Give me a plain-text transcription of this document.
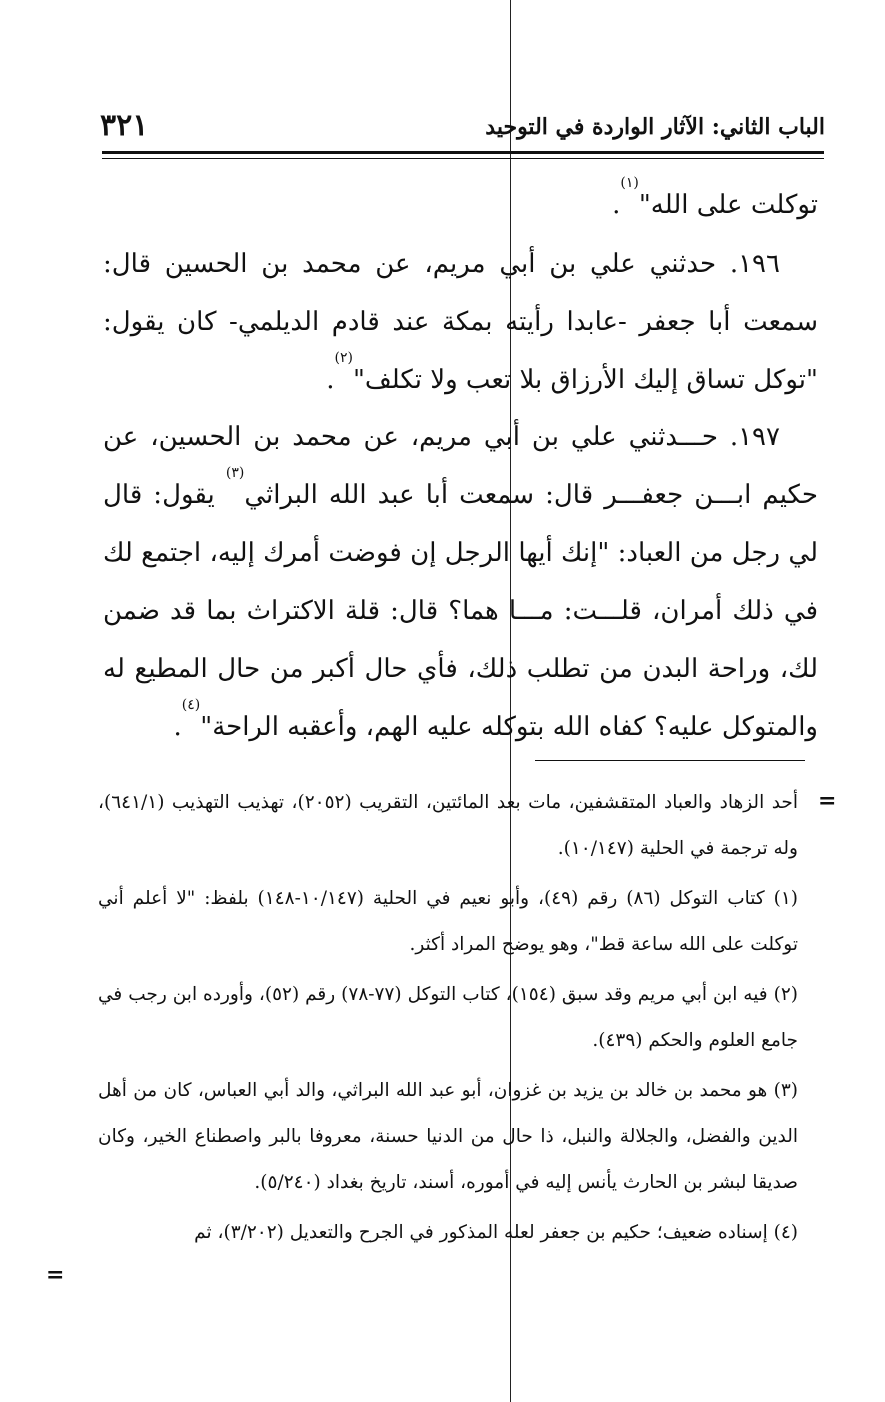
٣٢١	الباب الثاني: الآثار الواردة في التوحيد
توكلت على الله"$^{(١)}$.
١٩٦. حدثني علي بن أبي مريم، عن محمد بن الحسين قال: سمعت أبا جعفر -عابدا رأيته بمكة عند قادم الديلمي- كان يقول: "توكل تساق إليك الأرزاق بلا تعب ولا تكلف"$^{(٢)}$.
١٩٧. حـــدثني علي بن أبي مريم، عن محمد بن الحسين، عن حكيم ابـــن جعفـــر قال: سمعت أبا عبد الله البراثي$^{(٣)}$ يقول: قال لي رجل من العباد: "إنك أيها الرجل إن فوضت أمرك إليه، اجتمع لك في ذلك أمران، قلـــت: مـــا هما؟ قال: قلة الاكتراث بما قد ضمن لك، وراحة البدن من تطلب ذلك، فأي حال أكبر من حال المطيع له والمتوكل عليه؟ كفاه الله بتوكله عليه الهم، وأعقبه الراحة"$^{(٤)}$.
=
=
أحد الزهاد والعباد المتقشفين، مات بعد المائتين، التقريب (٢٠٥٢)، تهذيب التهذيب (٦٤١/١)، وله ترجمة في الحلية (١٠/١٤٧).
(١) كتاب التوكل (٨٦) رقم (٤٩)، وأبو نعيم في الحلية (١٠/١٤٧-١٤٨) بلفظ: "لا أعلم أني توكلت على الله ساعة قط"، وهو يوضح المراد أكثر.
(٢) فيه ابن أبي مريم وقد سبق (١٥٤)، كتاب التوكل (٧٧-٧٨) رقم (٥٢)، وأورده ابن رجب في جامع العلوم والحكم (٤٣٩).
(٣) هو محمد بن خالد بن يزيد بن غزوان، أبو عبد الله البراثي، والد أبي العباس، كان من أهل الدين والفضل، والجلالة والنبل، ذا حال من الدنيا حسنة، معروفا بالبر واصطناع الخير، وكان صديقا لبشر بن الحارث يأنس إليه في أموره، أسند، تاريخ بغداد (٥/٢٤٠).
(٤) إسناده ضعيف؛ حكيم بن جعفر لعله المذكور في الجرح والتعديل (٣/٢٠٢)، ثم
